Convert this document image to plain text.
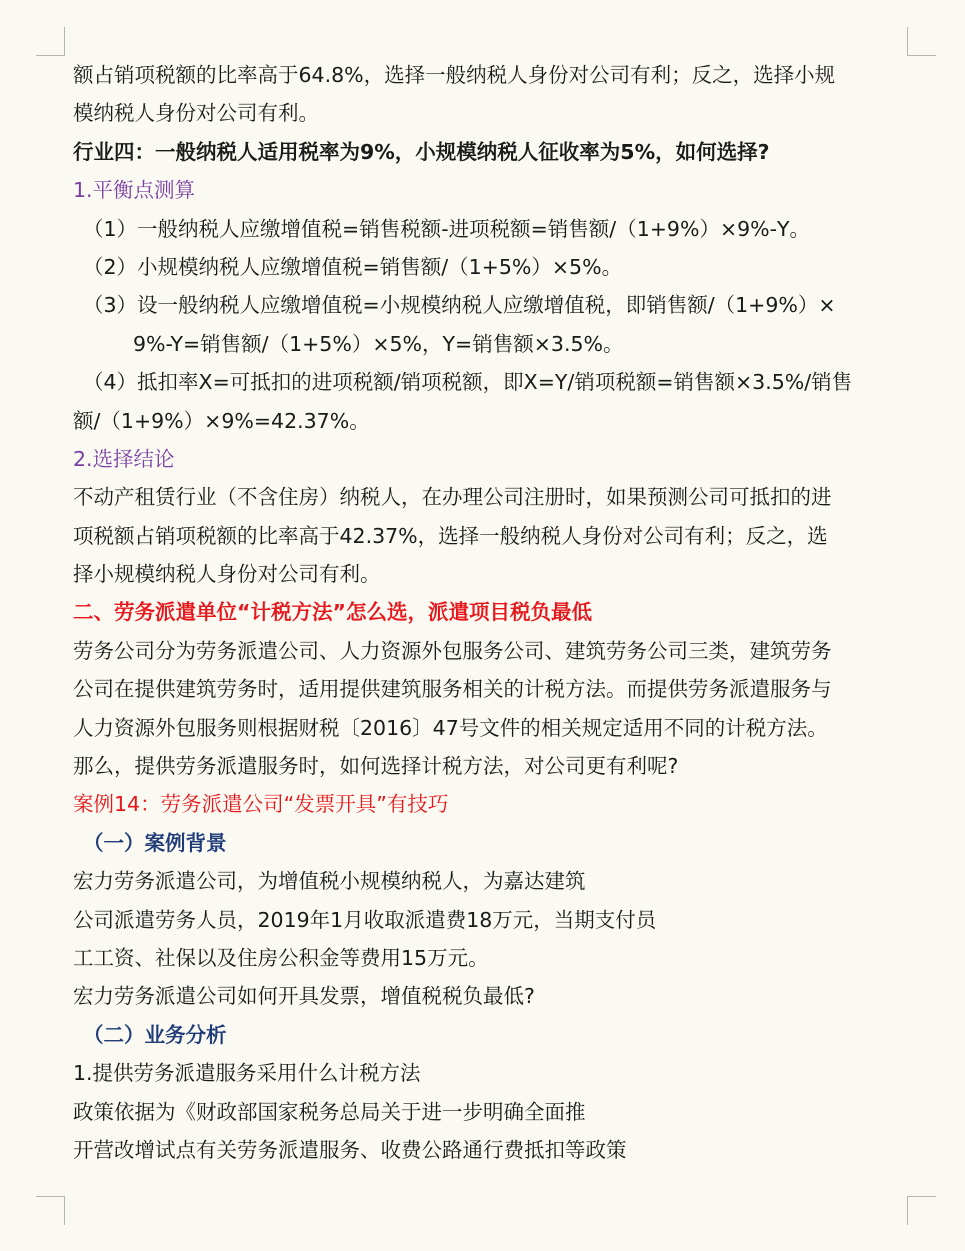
额占销项税额的比率高于64.8%，选择一般纳税人身份对公司有利；反之，选择小规
模纳税人身份对公司有利。
行业四：一般纳税人适用税率为9%，小规模纳税人征收率为5%，如何选择?
1.平衡点测算
（1）一般纳税人应缴增值税=销售税额-进项税额=销售额/（1+9%）×9%-Y。
（2）小规模纳税人应缴增值税=销售额/（1+5%）×5%。
（3）设一般纳税人应缴增值税=小规模纳税人应缴增值税，即销售额/（1+9%）×
9%-Y=销售额/（1+5%）×5%，Y=销售额×3.5%。
（4）抵扣率X=可抵扣的进项税额/销项税额，即X=Y/销项税额=销售额×3.5%/销售
额/（1+9%）×9%=42.37%。
2.选择结论
不动产租赁行业（不含住房）纳税人，在办理公司注册时，如果预测公司可抵扣的进
项税额占销项税额的比率高于42.37%，选择一般纳税人身份对公司有利；反之，选
择小规模纳税人身份对公司有利。
二、劳务派遣单位“计税方法”怎么选，派遣项目税负最低
劳务公司分为劳务派遣公司、人力资源外包服务公司、建筑劳务公司三类，建筑劳务
公司在提供建筑劳务时，适用提供建筑服务相关的计税方法。而提供劳务派遣服务与
人力资源外包服务则根据财税〔2016〕47号文件的相关规定适用不同的计税方法。
那么，提供劳务派遣服务时，如何选择计税方法，对公司更有利呢?
案例14：劳务派遣公司“发票开具”有技巧
（一）案例背景
宏力劳务派遣公司，为增值税小规模纳税人，为嘉达建筑
公司派遣劳务人员，2019年1月收取派遣费18万元，当期支付员
工工资、社保以及住房公积金等费用15万元。
宏力劳务派遣公司如何开具发票，增值税税负最低?
（二）业务分析
1.提供劳务派遣服务采用什么计税方法
政策依据为《财政部国家税务总局关于进一步明确全面推
开营改增试点有关劳务派遣服务、收费公路通行费抵扣等政策
